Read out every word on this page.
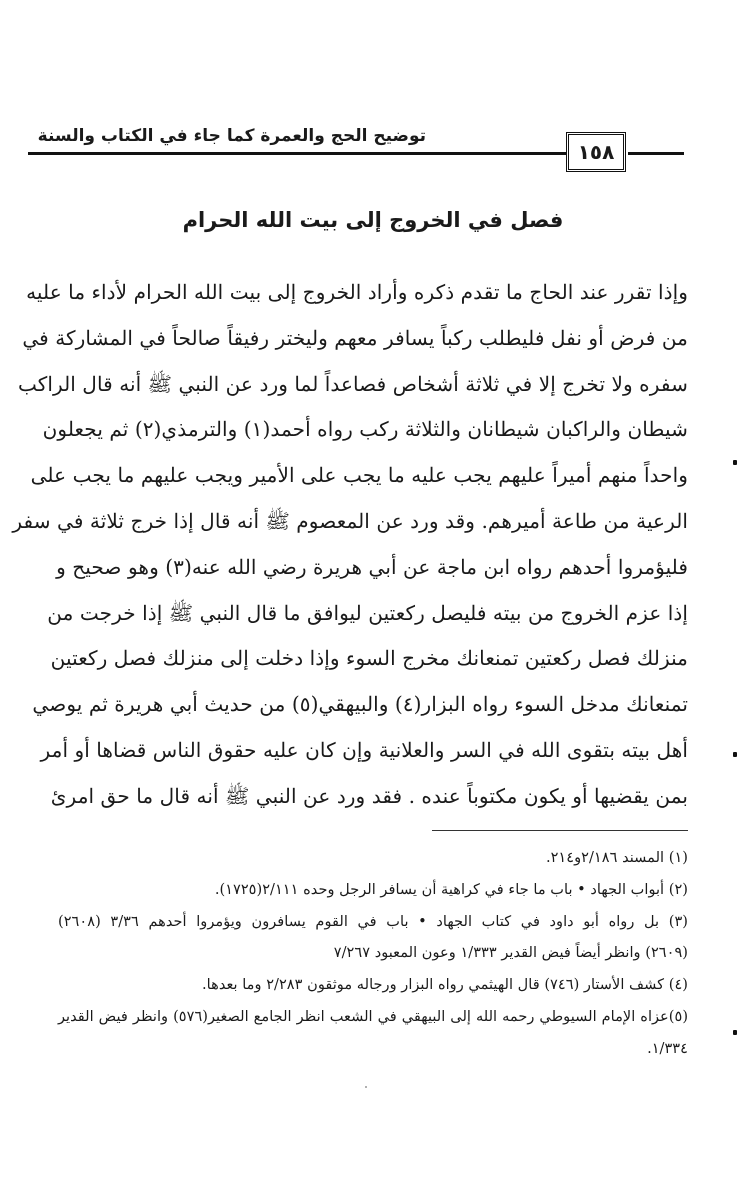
١٥٨
توضيح الحج والعمرة كما جاء في الكتاب والسنة
فصل في الخروج إلى بيت الله الحرام
وإذا تقرر عند الحاج ما تقدم ذكره وأراد الخروج إلى بيت الله الحرام لأداء ما عليه
من فرض أو نفل فليطلب ركباً يسافر معهم وليختر رفيقاً صالحاً في المشاركة في
سفره ولا تخرج إلا في ثلاثة أشخاص فصاعداً لما ورد عن النبي ﷺ أنه قال الراكب
شيطان والراكبان شيطانان والثلاثة ركب رواه أحمد(١) والترمذي(٢) ثم يجعلون
واحداً منهم أميراً عليهم يجب عليه ما يجب على الأمير ويجب عليهم ما يجب على
الرعية من طاعة أميرهم. وقد ورد عن المعصوم ﷺ أنه قال إذا خرج ثلاثة في سفر
فليؤمروا أحدهم رواه ابن ماجة عن أبي هريرة رضي الله عنه(٣) وهو صحيح و
إذا عزم الخروج من بيته فليصل ركعتين ليوافق ما قال النبي ﷺ إذا خرجت من
منزلك فصل ركعتين تمنعانك مخرج السوء وإذا دخلت إلى منزلك فصل ركعتين
تمنعانك مدخل السوء رواه البزار(٤) والبيهقي(٥) من حديث أبي هريرة ثم يوصي
أهل بيته بتقوى الله في السر والعلانية وإن كان عليه حقوق الناس قضاها أو أمر
بمن يقضيها أو يكون مكتوباً عنده . فقد ورد عن النبي ﷺ أنه قال ما حق امرئ
(١) المسند ٢/١٨٦و٢١٤.
(٢) أبواب الجهاد • باب ما جاء في كراهية أن يسافر الرجل وحده ٢/١١١(١٧٢٥).
(٣) بل رواه أبو داود في كتاب الجهاد • باب في القوم يسافرون ويؤمروا أحدهم ٣/٣٦ (٢٦٠٨)
(٢٦٠٩) وانظر أيضاً فيض القدير ١/٣٣٣ وعون المعبود ٧/٢٦٧
(٤) كشف الأستار (٧٤٦) قال الهيثمي رواه البزار ورجاله موثقون ٢/٢٨٣ وما بعدها.
(٥)عزاه الإمام السيوطي رحمه الله إلى البيهقي في الشعب انظر الجامع الصغير(٥٧٦) وانظر فيض القدير
١/٣٣٤.
